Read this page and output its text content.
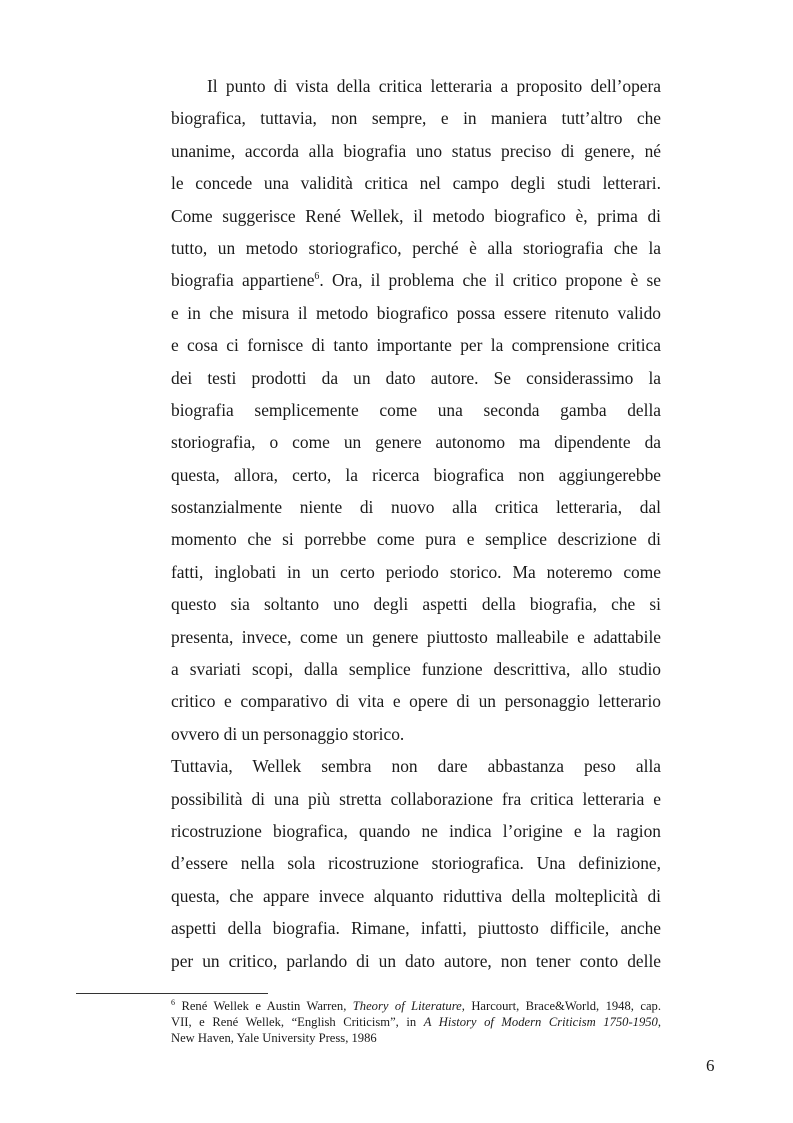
Il punto di vista della critica letteraria a proposito dell’opera
biografica, tuttavia, non sempre, e in maniera tutt’altro che
unanime, accorda alla biografia uno status preciso di genere, né
le concede una validità critica nel campo degli studi letterari.
Come suggerisce René Wellek, il metodo biografico è, prima di
tutto, un metodo storiografico, perché è alla storiografia che la
biografia appartiene$^6$. Ora, il problema che il critico propone è se
e in che misura il metodo biografico possa essere ritenuto valido
e cosa ci fornisce di tanto importante per la comprensione critica
dei testi prodotti da un dato autore. Se considerassimo la
biografia semplicemente come una seconda gamba della
storiografia, o come un genere autonomo ma dipendente da
questa, allora, certo, la ricerca biografica non aggiungerebbe
sostanzialmente niente di nuovo alla critica letteraria, dal
momento che si porrebbe come pura e semplice descrizione di
fatti, inglobati in un certo periodo storico. Ma noteremo come
questo sia soltanto uno degli aspetti della biografia, che si
presenta, invece, come un genere piuttosto malleabile e adattabile
a svariati scopi, dalla semplice funzione descrittiva, allo studio
critico e comparativo di vita e opere di un personaggio letterario
ovvero di un personaggio storico.
Tuttavia, Wellek sembra non dare abbastanza peso alla
possibilità di una più stretta collaborazione fra critica letteraria e
ricostruzione biografica, quando ne indica l’origine e la ragion
d’essere nella sola ricostruzione storiografica. Una definizione,
questa, che appare invece alquanto riduttiva della molteplicità di
aspetti della biografia. Rimane, infatti, piuttosto difficile, anche
per un critico, parlando di un dato autore, non tener conto delle
$^6$ René Wellek e Austin Warren, Theory of Literature, Harcourt, Brace&World, 1948, cap.
VII, e René Wellek, “English Criticism”, in A History of Modern Criticism 1750-1950,
New Haven, Yale University Press, 1986
6
